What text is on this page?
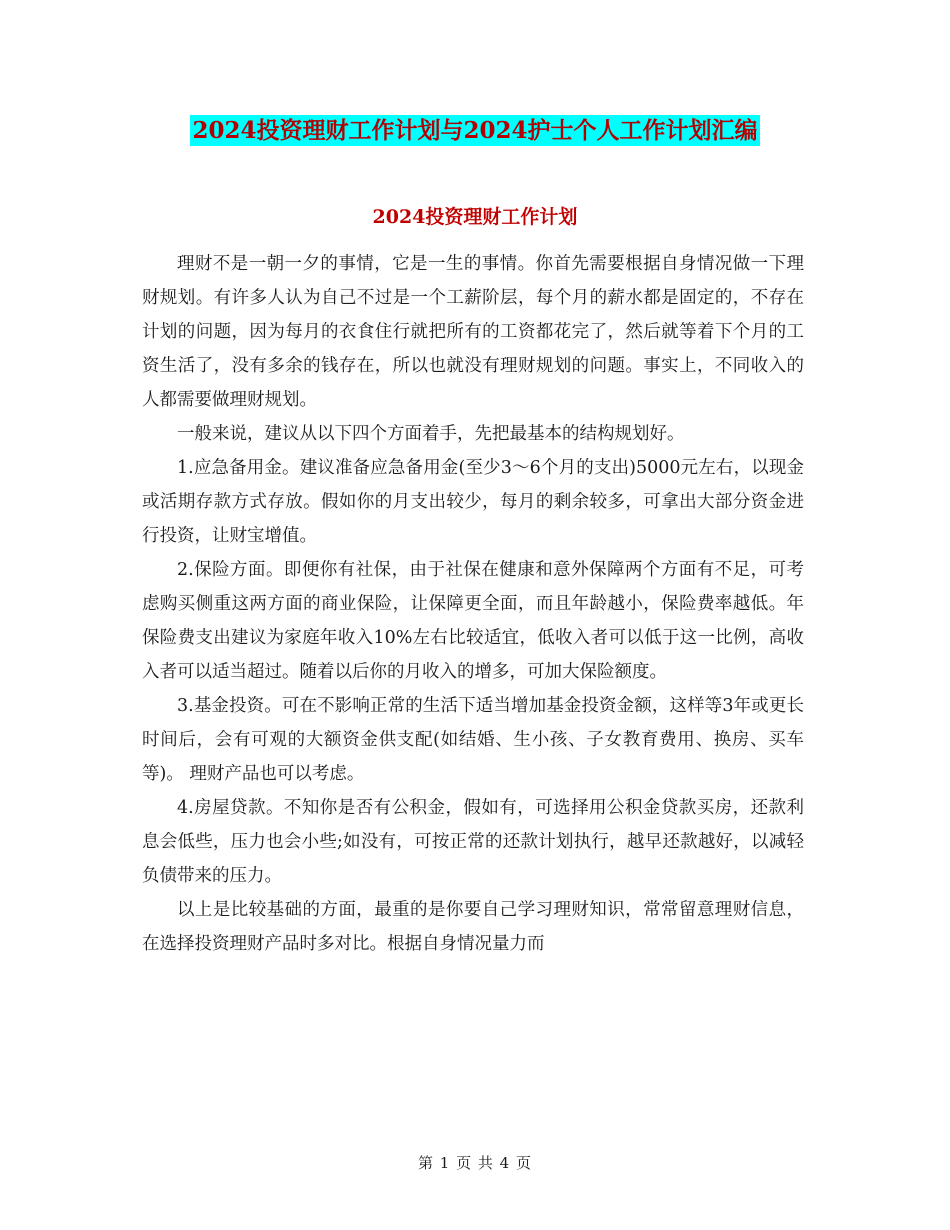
2024投资理财工作计划与2024护士个人工作计划汇编
2024投资理财工作计划

理财不是一朝一夕的事情，它是一生的事情。你首先需要根据自身情况做一下理财规划。有许多人认为自己不过是一个工薪阶层，每个月的薪水都是固定的，不存在计划的问题，因为每月的衣食住行就把所有的工资都花完了，然后就等着下个月的工资生活了，没有多余的钱存在，所以也就没有理财规划的问题。事实上，不同收入的人都需要做理财规划。

一般来说，建议从以下四个方面着手，先把最基本的结构规划好。

1.应急备用金。建议准备应急备用金(至少3～6个月的支出)5000元左右，以现金或活期存款方式存放。假如你的月支出较少，每月的剩余较多，可拿出大部分资金进行投资，让财宝增值。

2.保险方面。即便你有社保，由于社保在健康和意外保障两个方面有不足，可考虑购买侧重这两方面的商业保险，让保障更全面，而且年龄越小，保险费率越低。年保险费支出建议为家庭年收入10%左右比较适宜，低收入者可以低于这一比例，高收入者可以适当超过。随着以后你的月收入的增多，可加大保险额度。

3.基金投资。可在不影响正常的生活下适当增加基金投资金额，这样等3年或更长时间后，会有可观的大额资金供支配(如结婚、生小孩、子女教育费用、换房、买车等)。 理财产品也可以考虑。

4.房屋贷款。不知你是否有公积金，假如有，可选择用公积金贷款买房，还款利息会低些，压力也会小些;如没有，可按正常的还款计划执行，越早还款越好，以减轻负债带来的压力。

以上是比较基础的方面，最重的是你要自己学习理财知识，常常留意理财信息，在选择投资理财产品时多对比。根据自身情况量力而

第 1 页 共 4 页
